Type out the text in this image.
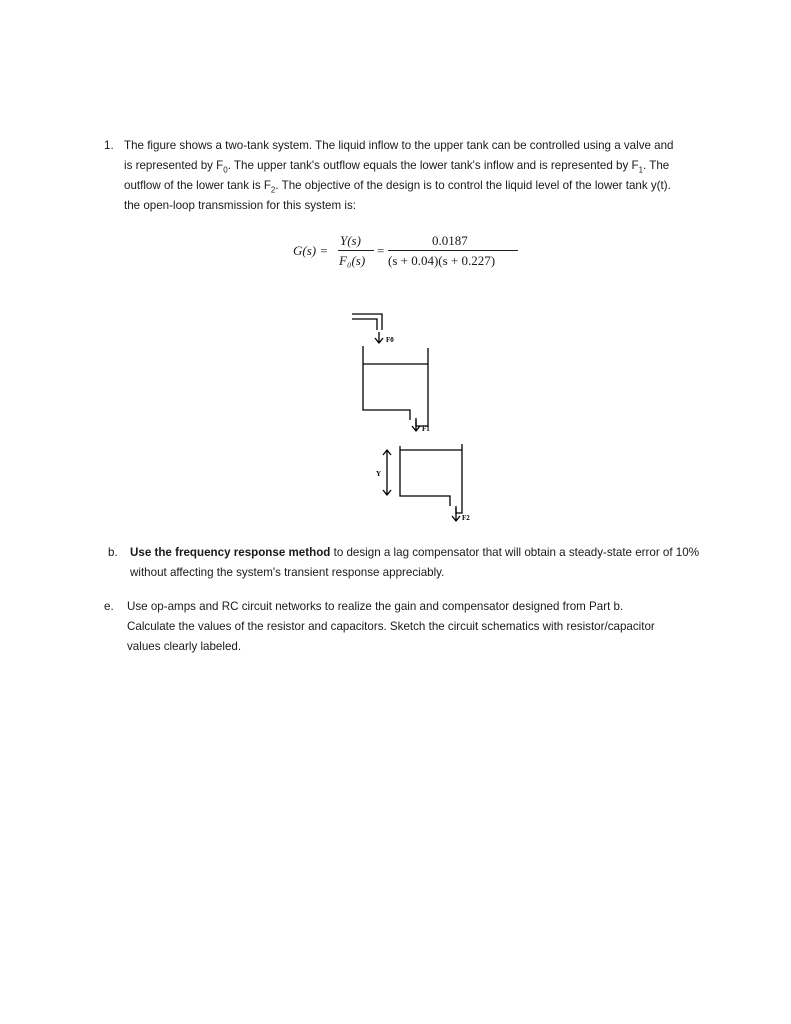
1. The figure shows a two-tank system. The liquid inflow to the upper tank can be controlled using a valve and is represented by $F_0$. The upper tank's outflow equals the lower tank's inflow and is represented by $F_1$. The outflow of the lower tank is $F_2$. The objective of the design is to control the liquid level of the lower tank y(t). the open-loop transmission for this system is:
G(s) =
Y(s)
F₀(s)
=
0.0187
(s + 0.04)(s + 0.227)
F0
F1
F2
Y
b. Use the frequency response method to design a lag compensator that will obtain a steady-state error of 10% without affecting the system's transient response appreciably.
e. Use op-amps and RC circuit networks to realize the gain and compensator designed from Part b. Calculate the values of the resistor and capacitors. Sketch the circuit schematics with resistor/capacitor values clearly labeled.
